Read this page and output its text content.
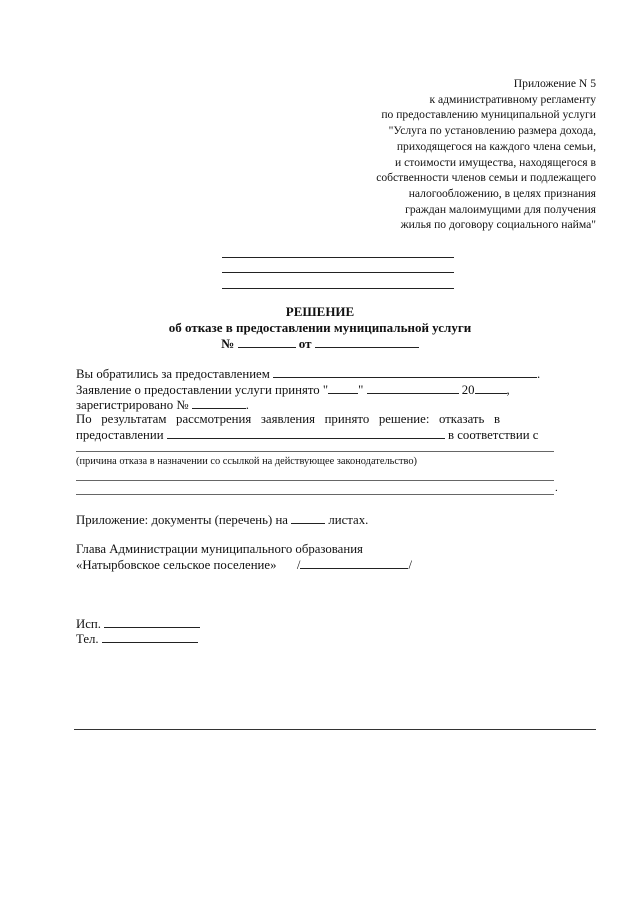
Приложение N 5
к административному регламенту
по предоставлению муниципальной услуги
"Услуга по установлению размера дохода,
приходящегося на каждого члена семьи,
и стоимости имущества, находящегося в
собственности членов семьи и подлежащего
налогообложению, в целях признания
граждан малоимущими для получения
жилья по договору социального найма"
РЕШЕНИЕ
об отказе в предоставлении муниципальной услуги
№	от
Вы обратились за предоставлением	.
Заявление о предоставлении услуги принято " "	20	,
зарегистрировано №	.
По результатам рассмотрения заявления принято решение: отказать в
предоставлении	в соответствии с
(причина отказа в назначении со ссылкой на действующее законодательство)
.
Приложение: документы (перечень) на	листах.
Глава Администрации муниципального образования
«Натырбовское сельское поселение» /	/
Исп.
Тел.
